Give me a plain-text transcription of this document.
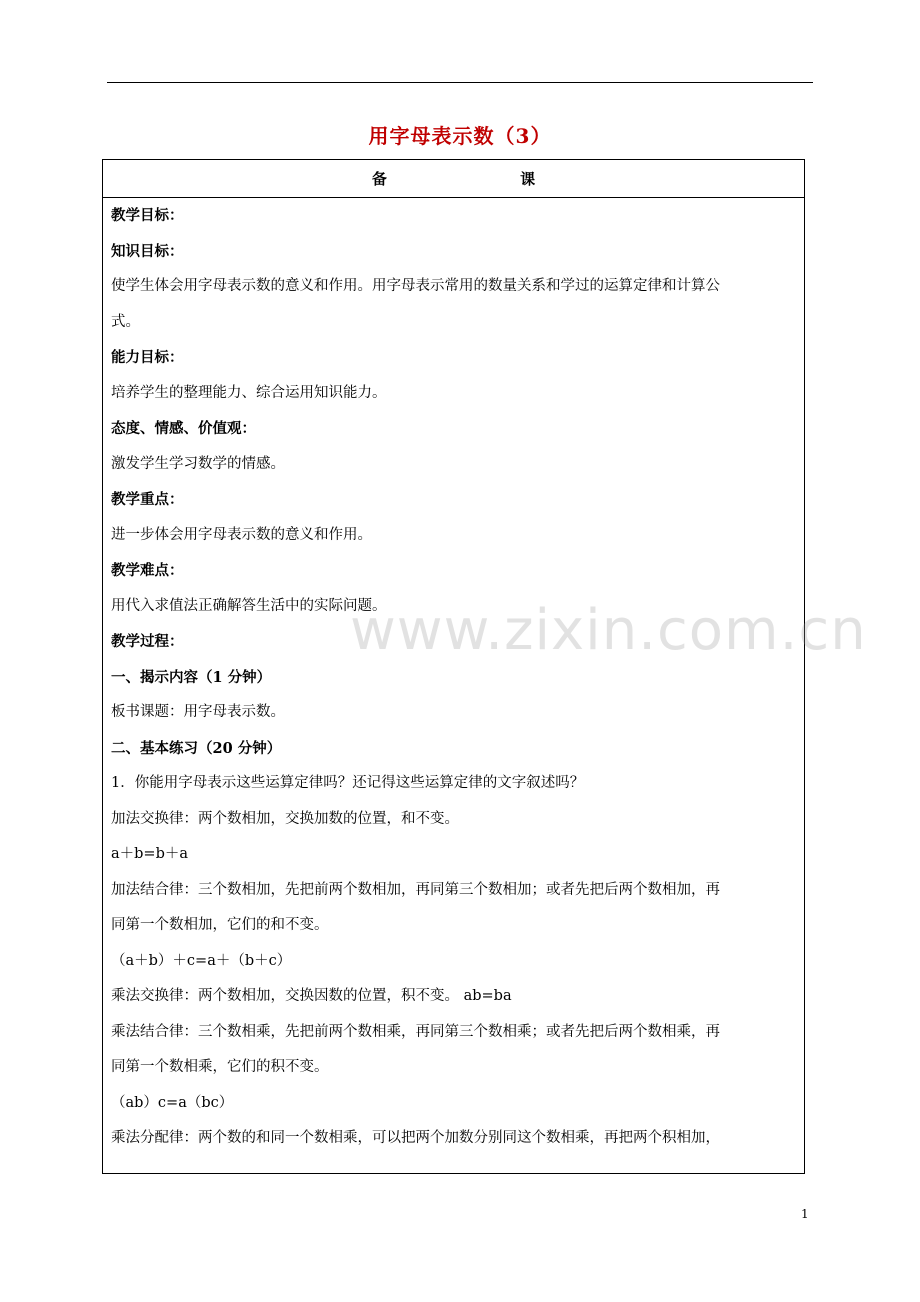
用字母表示数（3）
备 课
教学目标：
知识目标：
使学生体会用字母表示数的意义和作用。用字母表示常用的数量关系和学过的运算定律和计算公
式。
能力目标：
培养学生的整理能力、综合运用知识能力。
态度、情感、价值观：
激发学生学习数学的情感。
教学重点：
进一步体会用字母表示数的意义和作用。
教学难点：
用代入求值法正确解答生活中的实际问题。
教学过程：
一、揭示内容（1 分钟）
板书课题：用字母表示数。
二、基本练习（20 分钟）
1．你能用字母表示这些运算定律吗？还记得这些运算定律的文字叙述吗？
加法交换律：两个数相加，交换加数的位置，和不变。
a＋b=b＋a
加法结合律：三个数相加，先把前两个数相加，再同第三个数相加；或者先把后两个数相加，再
同第一个数相加，它们的和不变。
（a＋b）＋c=a＋（b＋c）
乘法交换律：两个数相加，交换因数的位置，积不变。 ab=ba
乘法结合律：三个数相乘，先把前两个数相乘，再同第三个数相乘；或者先把后两个数相乘，再
同第一个数相乘，它们的积不变。
（ab）c=a（bc）
乘法分配律：两个数的和同一个数相乘，可以把两个加数分别同这个数相乘，再把两个积相加，
www.zixin.com.cn
1
